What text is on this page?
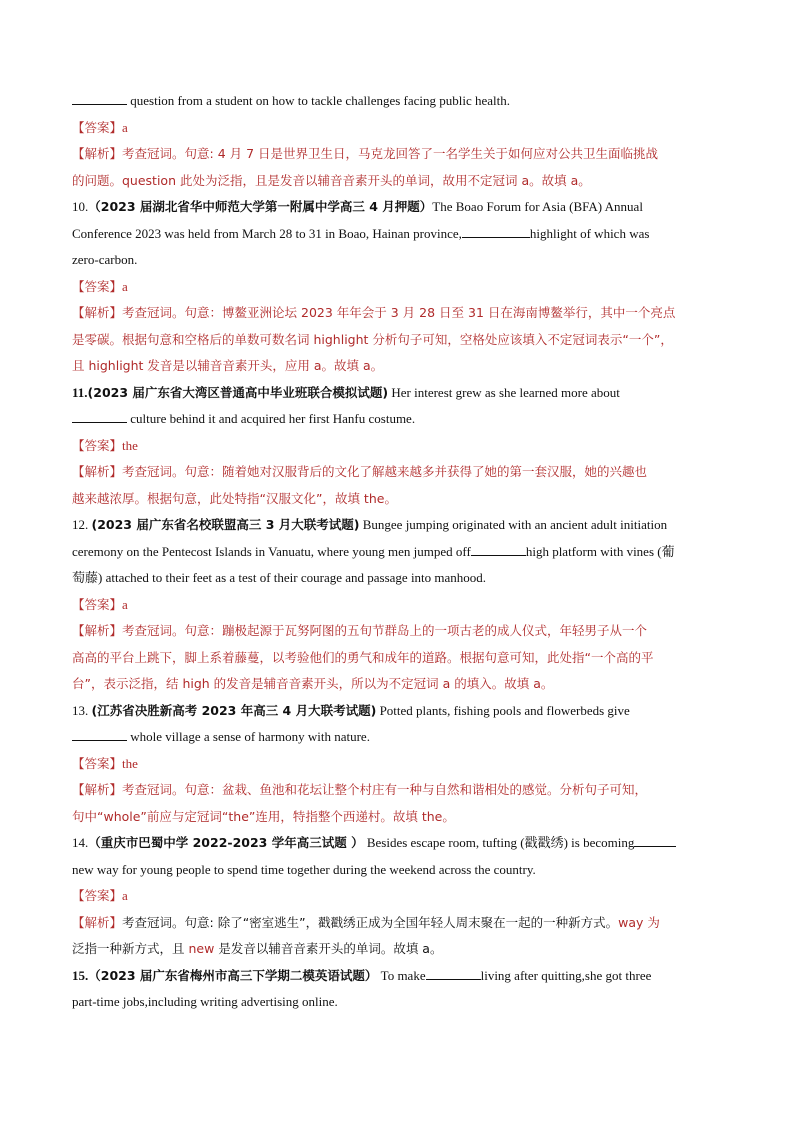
question from a student on how to tackle challenges facing public health.

【答案】a

【解析】考查冠词。句意: 4 月 7 日是世界卫生日，马克龙回答了一名学生关于如何应对公共卫生面临挑战

的问题。question 此处为泛指，且是发音以辅音音素开头的单词，故用不定冠词 a。故填 a。

10.（2023 届湖北省华中师范大学第一附属中学高三 4 月押题）The Boao Forum for Asia (BFA) Annual

Conference 2023 was held from March 28 to 31 in Boao, Hainan province,	highlight of which was

zero-carbon.

【答案】a

【解析】考查冠词。句意：博鳌亚洲论坛 2023 年年会于 3 月 28 日至 31 日在海南博鳌举行，其中一个亮点

是零碳。根据句意和空格后的单数可数名词 highlight 分析句子可知，空格处应该填入不定冠词表示“一个”，

且 highlight 发音是以辅音音素开头，应用 a。故填 a。

11.(2023 届广东省大湾区普通高中毕业班联合模拟试题) Her interest grew as she learned more about

culture behind it and acquired her first Hanfu costume.

【答案】the

【解析】考查冠词。句意：随着她对汉服背后的文化了解越来越多并获得了她的第一套汉服，她的兴趣也

越来越浓厚。根据句意，此处特指“汉服文化”，故填 the。

12. (2023 届广东省名校联盟高三 3 月大联考试题) Bungee jumping originated with an ancient adult initiation

ceremony on the Pentecost Islands in Vanuatu, where young men jumped off	high platform with vines (葡

萄藤) attached to their feet as a test of their courage and passage into manhood.

【答案】a

【解析】考查冠词。句意：蹦极起源于瓦努阿图的五旬节群岛上的一项古老的成人仪式，年轻男子从一个

高高的平台上跳下，脚上系着藤蔓，以考验他们的勇气和成年的道路。根据句意可知，此处指“一个高的平

台”，表示泛指，结 high 的发音是辅音音素开头，所以为不定冠词 a 的填入。故填 a。

13. (江苏省决胜新高考 2023 年高三 4 月大联考试题) Potted plants, fishing pools and flowerbeds give

whole village a sense of harmony with nature.

【答案】the

【解析】考查冠词。句意：盆栽、鱼池和花坛让整个村庄有一种与自然和谐相处的感觉。分析句子可知，

句中“whole”前应与定冠词“the”连用，特指整个西递村。故填 the。

14.（重庆市巴蜀中学 2022-2023 学年高三试题 ） Besides escape room, tufting (戳戳绣) is becoming

new way for young people to spend time together during the weekend across the country.

【答案】a

【解析】考查冠词。句意: 除了“密室逃生”，戳戳绣正成为全国年轻人周末聚在一起的一种新方式。way 为

泛指一种新方式，且 new 是发音以辅音音素开头的单词。故填 a。

15.（2023 届广东省梅州市高三下学期二模英语试题） To make	living after quitting,she got three

part-time jobs,including writing advertising online.
